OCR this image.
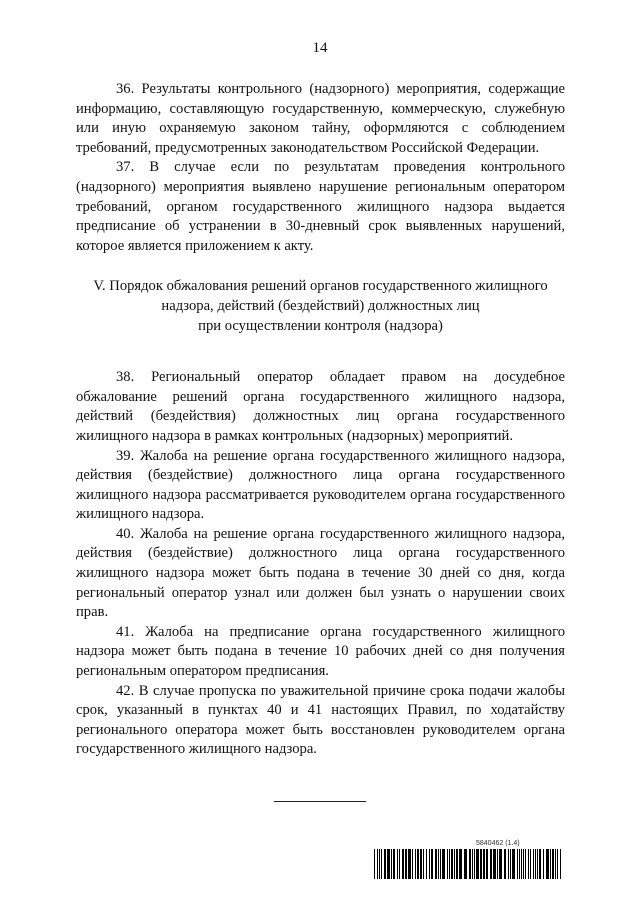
14

36. Результаты контрольного (надзорного) мероприятия, содержащие информацию, составляющую государственную, коммерческую, служебную или иную охраняемую законом тайну, оформляются с соблюдением требований, предусмотренных законодательством Российской Федерации.

37. В случае если по результатам проведения контрольного (надзорного) мероприятия выявлено нарушение региональным оператором требований, органом государственного жилищного надзора выдается предписание об устранении в 30-дневный срок выявленных нарушений, которое является приложением к акту.

V. Порядок обжалования решений органов государственного жилищного
надзора, действий (бездействий) должностных лиц
при осуществлении контроля (надзора)

38. Региональный оператор обладает правом на досудебное обжалование решений органа государственного жилищного надзора, действий (бездействия) должностных лиц органа государственного жилищного надзора в рамках контрольных (надзорных) мероприятий.

39. Жалоба на решение органа государственного жилищного надзора, действия (бездействие) должностного лица органа государственного жилищного надзора рассматривается руководителем органа государственного жилищного надзора.

40. Жалоба на решение органа государственного жилищного надзора, действия (бездействие) должностного лица органа государственного жилищного надзора может быть подана в течение 30 дней со дня, когда региональный оператор узнал или должен был узнать о нарушении своих прав.

41. Жалоба на предписание органа государственного жилищного надзора может быть подана в течение 10 рабочих дней со дня получения региональным оператором предписания.

42. В случае пропуска по уважительной причине срока подачи жалобы срок, указанный в пунктах 40 и 41 настоящих Правил, по ходатайству регионального оператора может быть восстановлен руководителем органа государственного жилищного надзора.

5840462 (1.4)
